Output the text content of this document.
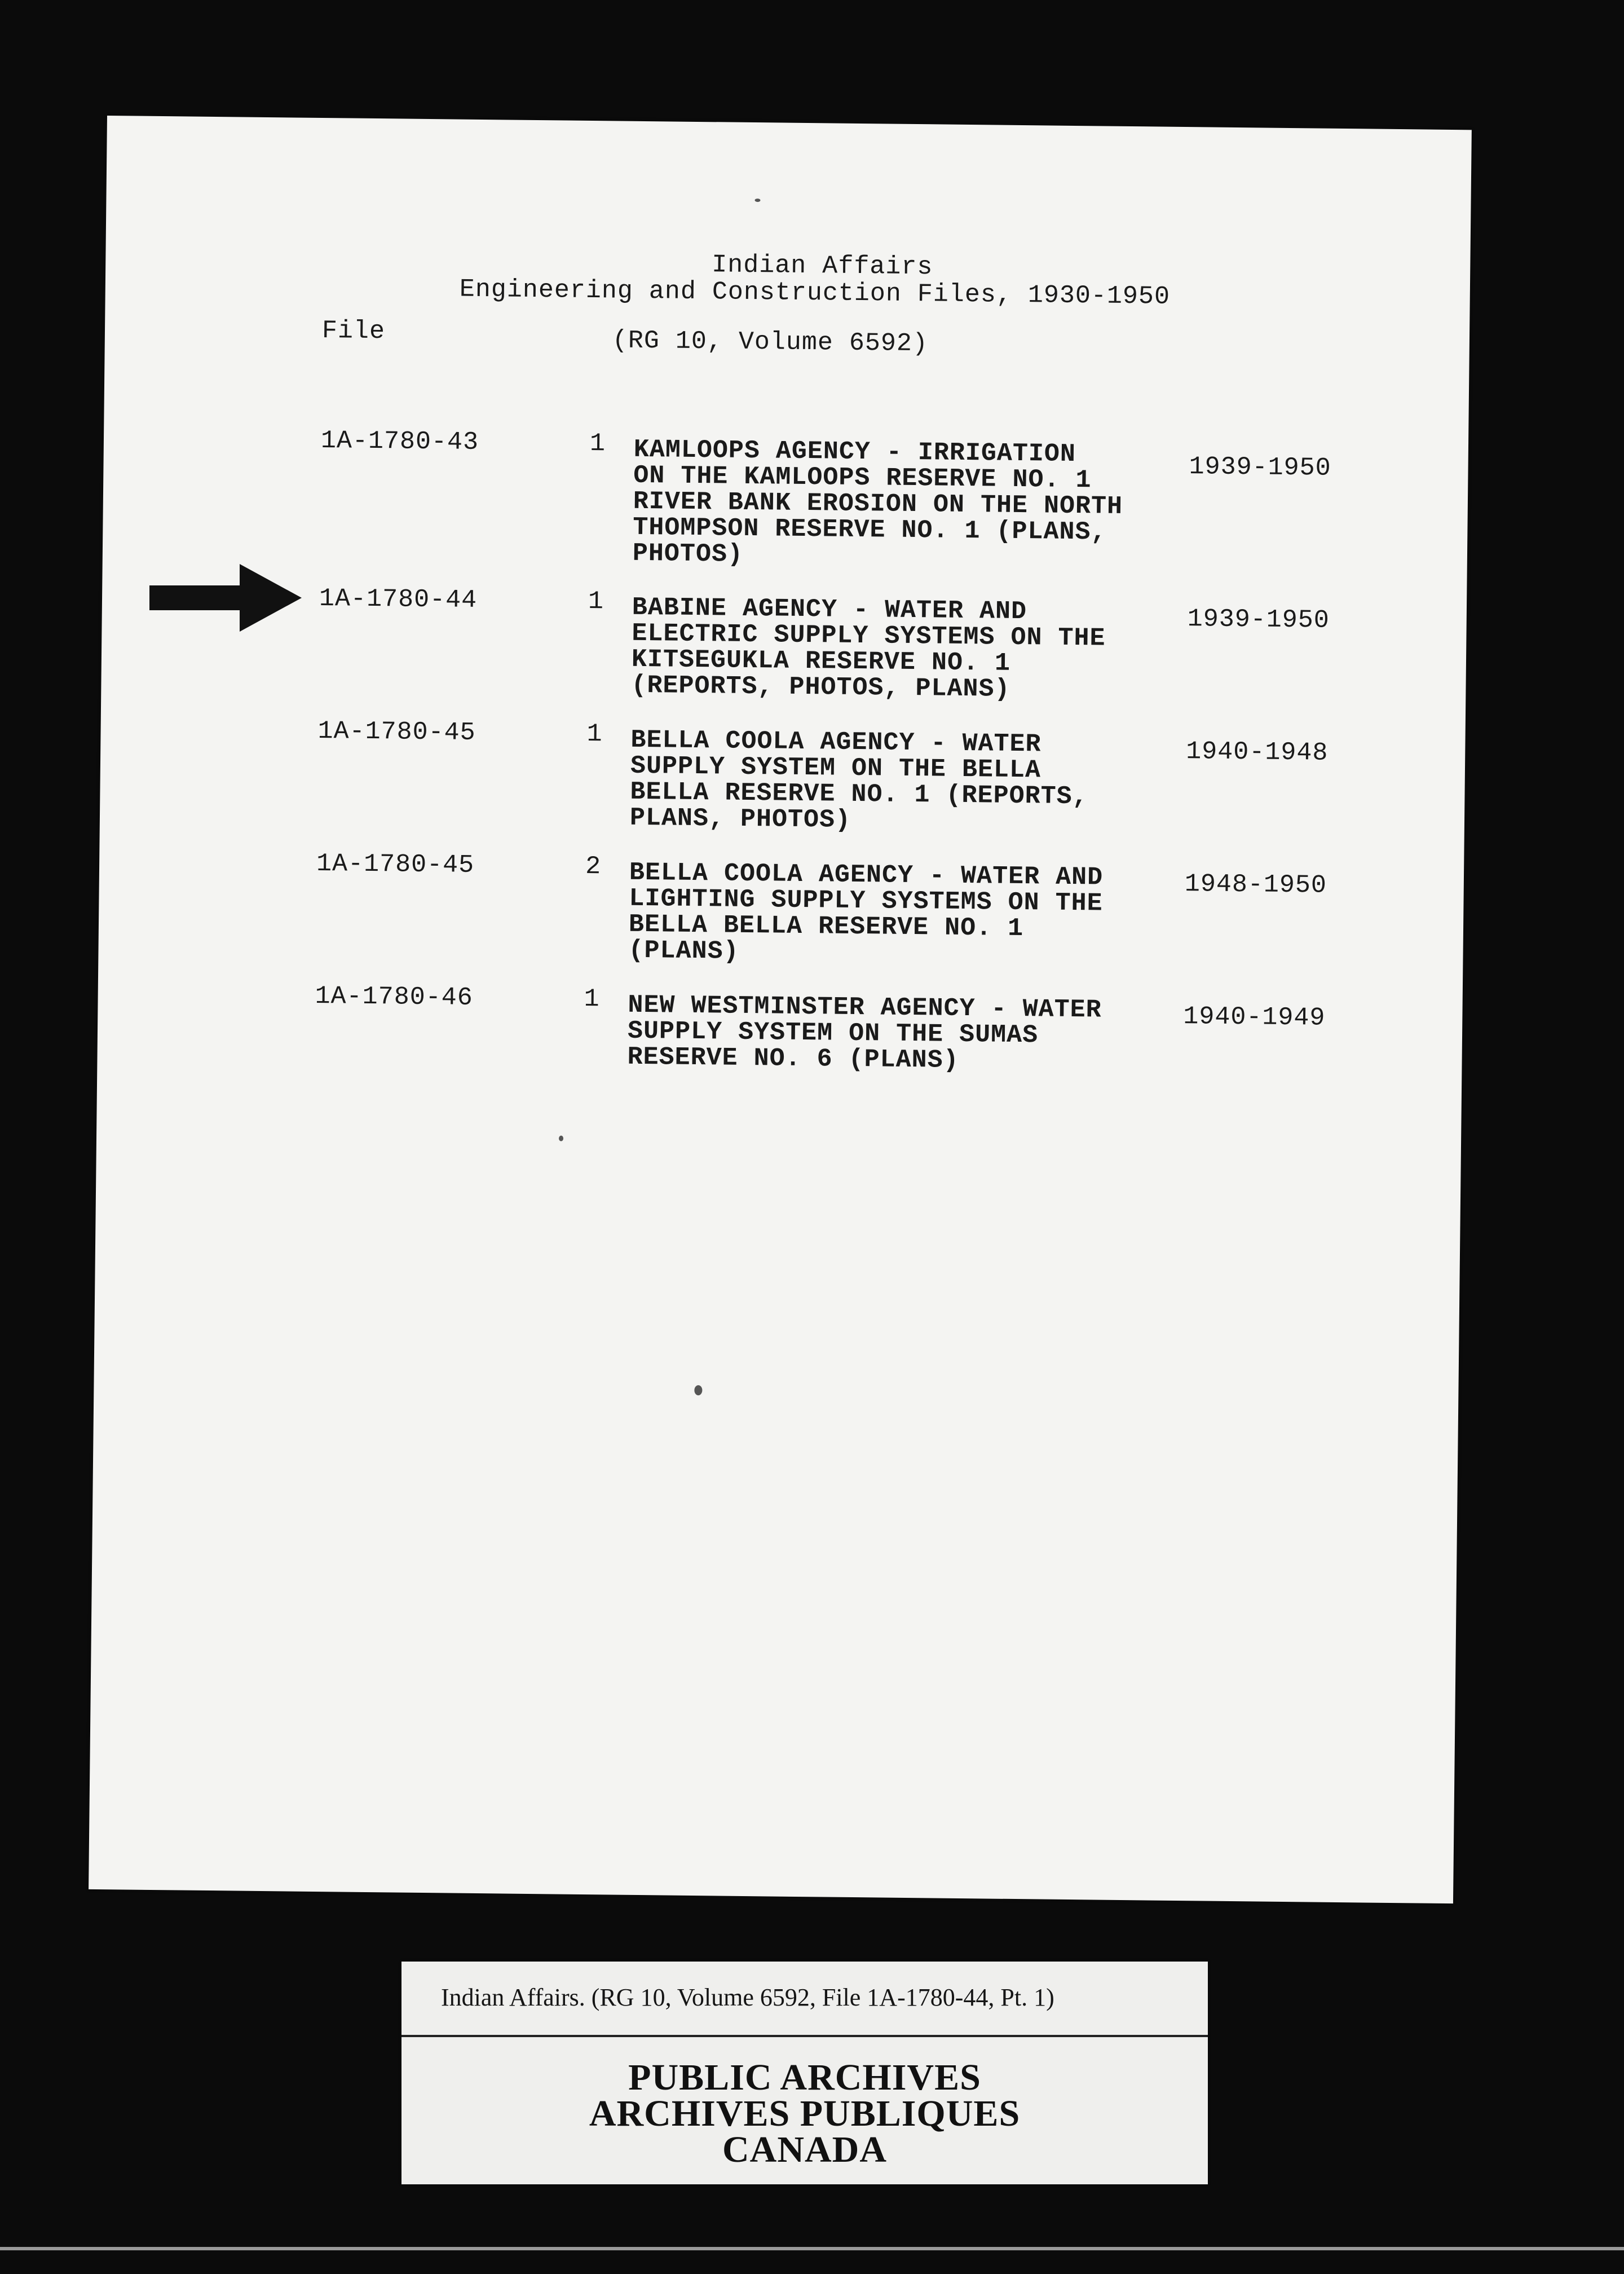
Indian Affairs
Engineering and Construction Files, 1930-1950
File	(RG 10, Volume 6592)
1A-1780-43	1 KAMLOOPS AGENCY - IRRIGATION
ON THE KAMLOOPS RESERVE NO. 1
RIVER BANK EROSION ON THE NORTH
THOMPSON RESERVE NO. 1 (PLANS,
PHOTOS)
1939-1950
1A-1780-44	1 BABINE AGENCY - WATER AND
ELECTRIC SUPPLY SYSTEMS ON THE
KITSEGUKLA RESERVE NO. 1
(REPORTS, PHOTOS, PLANS)
1939-1950
1A-1780-45	1 BELLA COOLA AGENCY - WATER
SUPPLY SYSTEM ON THE BELLA
BELLA RESERVE NO. 1 (REPORTS,
PLANS, PHOTOS)
1940-1948
1A-1780-45	2 BELLA COOLA AGENCY - WATER AND
LIGHTING SUPPLY SYSTEMS ON THE
BELLA BELLA RESERVE NO. 1
(PLANS)
1948-1950
1A-1780-46	1 NEW WESTMINSTER AGENCY - WATER
SUPPLY SYSTEM ON THE SUMAS
RESERVE NO. 6 (PLANS)
1940-1949
Indian Affairs. (RG 10, Volume 6592, File 1A-1780-44, Pt. 1)
PUBLIC ARCHIVES
ARCHIVES PUBLIQUES
CANADA
